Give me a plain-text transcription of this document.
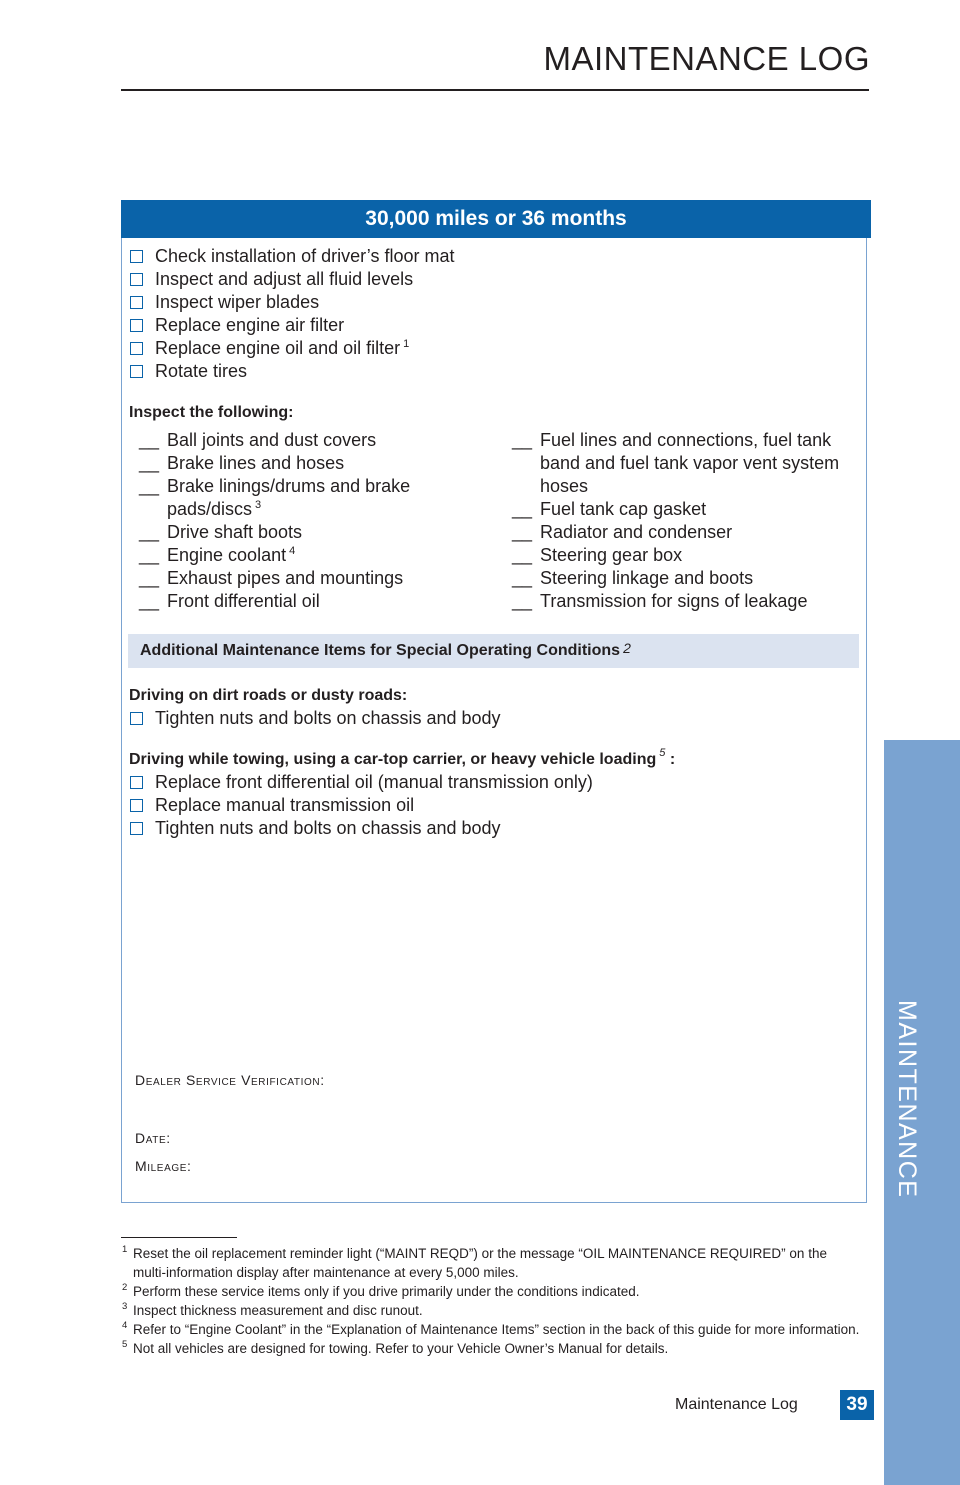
MAINTENANCE LOG
MAINTENANCE
30,000 miles or 36 months
Check installation of driver’s floor mat
Inspect and adjust all fluid levels
Inspect wiper blades
Replace engine air filter
Replace engine oil and oil filter $^1$
Rotate tires
Inspect the following:
__ Ball joints and dust covers
__ Brake lines and hoses
__ Brake linings/drums and brake pads/discs $^3$
__ Drive shaft boots
__ Engine coolant $^4$
__ Exhaust pipes and mountings
__ Front differential oil
__ Fuel lines and connections, fuel tank band and fuel tank vapor vent system hoses
__ Fuel tank cap gasket
__ Radiator and condenser
__ Steering gear box
__ Steering linkage and boots
__ Transmission for signs of leakage
Additional Maintenance Items for Special Operating Conditions $^2$
Driving on dirt roads or dusty roads:
Tighten nuts and bolts on chassis and body
Driving while towing, using a car-top carrier, or heavy vehicle loading $^5$ :
Replace front differential oil (manual transmission only)
Replace manual transmission oil
Tighten nuts and bolts on chassis and body
Dealer Service Verification:
Date:
Mileage:
1 Reset the oil replacement reminder light (“MAINT REQD”) or the message “OIL MAINTENANCE REQUIRED” on the multi-information display after maintenance at every 5,000 miles.
2 Perform these service items only if you drive primarily under the conditions indicated.
3 Inspect thickness measurement and disc runout.
4 Refer to “Engine Coolant” in the “Explanation of Maintenance Items” section in the back of this guide for more information.
5 Not all vehicles are designed for towing. Refer to your Vehicle Owner’s Manual for details.
Maintenance Log	39
